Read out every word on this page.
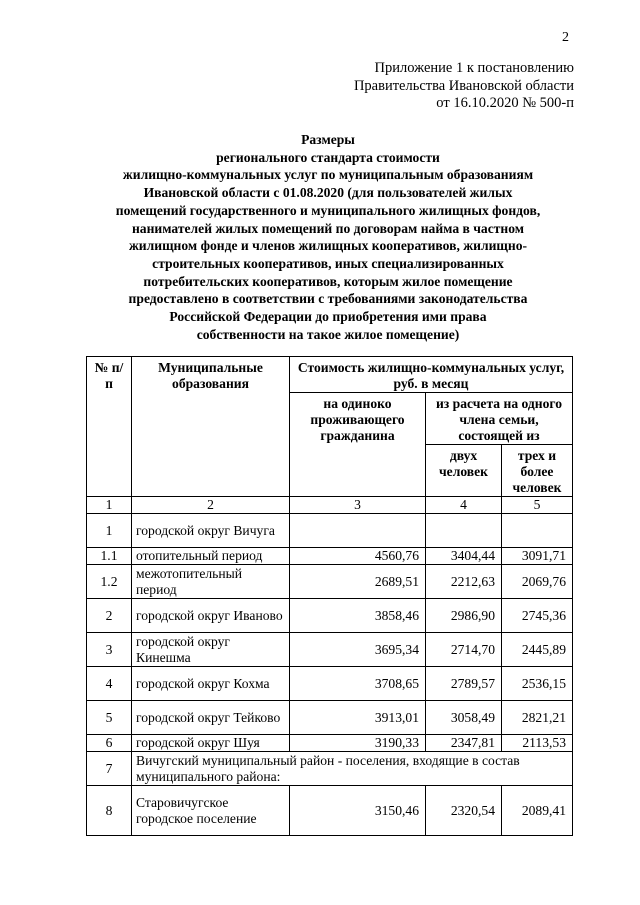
2
Приложение 1 к постановлению
Правительства Ивановской области
от 16.10.2020 № 500-п
Размеры
регионального стандарта стоимости
жилищно-коммунальных услуг по муниципальным образованиям
Ивановской области с 01.08.2020 (для пользователей жилых
помещений государственного и муниципального жилищных фондов,
нанимателей жилых помещений по договорам найма в частном
жилищном фонде и членов жилищных кооперативов, жилищно-
строительных кооперативов, иных специализированных
потребительских кооперативов, которым жилое помещение
предоставлено в соответствии с требованиями законодательства
Российской Федерации до приобретения ими права
собственности на такое жилое помещение)
№ п/п	Муниципальные образования	Стоимость жилищно-коммунальных услуг, руб. в месяц		
		на одиноко проживающего гражданина	из расчета на одного члена семьи, состоящей из	
			двух человек	трех и более человек
1	2	3	4	5
1	городской округ Вичуга			
1.1	отопительный период	4560,76	3404,44	3091,71
1.2	межотопительный период	2689,51	2212,63	2069,76
2	городской округ Иваново	3858,46	2986,90	2745,36
3	городской округ Кинешма	3695,34	2714,70	2445,89
4	городской округ Кохма	3708,65	2789,57	2536,15
5	городской округ Тейково	3913,01	3058,49	2821,21
6	городской округ Шуя	3190,33	2347,81	2113,53
7	Вичугский муниципальный район - поселения, входящие в состав муниципального района:			
8	Старовичугское городское поселение	3150,46	2320,54	2089,41
